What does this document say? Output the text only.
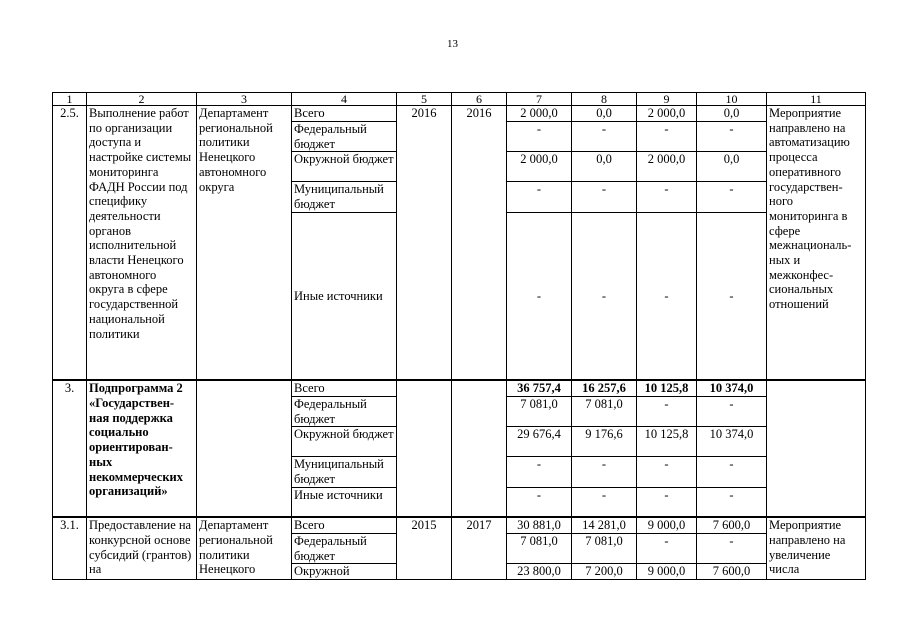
13
1	2	3	4	5	6	7	8	9	10	11
2.5.	Выполнение работ по организации доступа и настройке системы мониторинга ФАДН России под специфику деятельности органов исполнительной власти Ненецкого автономного округа в сфере государственной национальной политики	Департамент региональной политики Ненецкого автономного округа	Всего	2016	2016	2 000,0	0,0	2 000,0	0,0	Мероприятие направлено на автоматизацию процесса оперативного государствен-ного мониторинга в сфере межнациональ-ных и межконфес-сиональных отношений
			Федеральный бюджет			-	-	-	-	
			Окружной бюджет			2 000,0	0,0	2 000,0	0,0	
			Муниципальный бюджет			-	-	-	-	
			Иные источники			-	-	-	-	
3.	Подпрограмма 2 «Государствен-ная поддержка социально ориентирован-ных некоммерческих организаций»		Всего			36 757,4	16 257,6	10 125,8	10 374,0	
			Федеральный бюджет			7 081,0	7 081,0	-	-	
			Окружной бюджет			29 676,4	9 176,6	10 125,8	10 374,0	
			Муниципальный бюджет			-	-	-	-	
			Иные источники			-	-	-	-	
3.1.	Предоставление на конкурсной основе субсидий (грантов) на	Департамент региональной политики Ненецкого	Всего	2015	2017	30 881,0	14 281,0	9 000,0	7 600,0	Мероприятие направлено на увеличение числа
			Федеральный бюджет			7 081,0	7 081,0	-	-	
			Окружной			23 800,0	7 200,0	9 000,0	7 600,0	
